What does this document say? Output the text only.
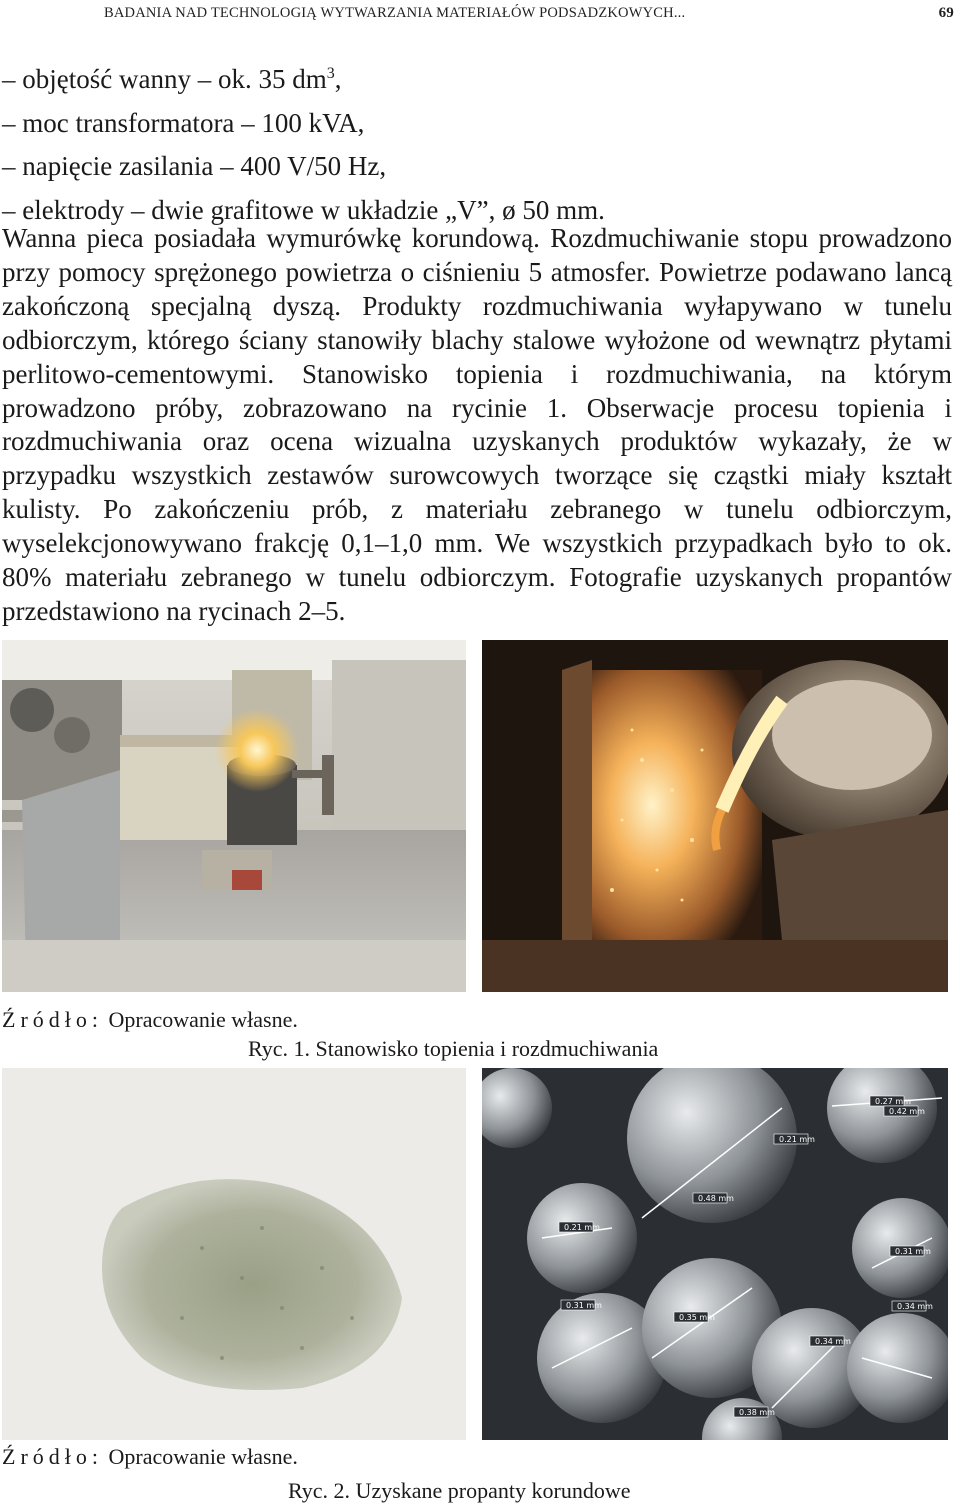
BADANIA NAD TECHNOLOGIĄ WYTWARZANIA MATERIAŁÓW PODSADZKOWYCH...	69
– objętość wanny – ok. 35 $dm^3$,
– moc transformatora – 100 kVA,
– napięcie zasilania – 400 V/50 Hz,
– elektrody – dwie grafitowe w układzie „V”, ø 50 mm.

Wanna pieca posiadała wymurówkę korundową. Rozdmuchiwanie stopu prowadzono przy pomocy sprężonego powietrza o ciśnieniu 5 atmosfer. Powietrze podawano lancą zakończoną specjalną dyszą. Produkty rozdmuchiwania wyłapywano w tunelu odbiorczym, którego ściany stanowiły blachy stalowe wyłożone od wewnątrz płytami perlitowo-cementowymi. Stanowisko topienia i rozdmuchiwania, na którym prowadzono próby, zobrazowano na rycinie 1. Obserwacje procesu topienia i rozdmuchiwania oraz ocena wizualna uzyskanych produktów wykazały, że w przypadku wszystkich zestawów surowcowych tworzące się cząstki miały kształt kulisty. Po zakończeniu prób, z materiału zebranego w tunelu odbiorczym, wyselekcjonowywano frakcję 0,1–1,0 mm. We wszystkich przypadkach było to ok. 80% materiału zebranego w tunelu odbiorczym. Fotografie uzyskanych propantów przedstawiono na rycinach 2–5.

Źródło: Opracowanie własne.
Ryc. 1. Stanowisko topienia i rozdmuchiwania
0.27 mm
0.42 mm
0.21 mm
0.48 mm
0.21 mm
0.31 mm
0.35 mm
0.31 mm
0.34 mm
0.34 mm
0.38 mm
Źródło: Opracowanie własne.
Ryc. 2. Uzyskane propanty korundowe
